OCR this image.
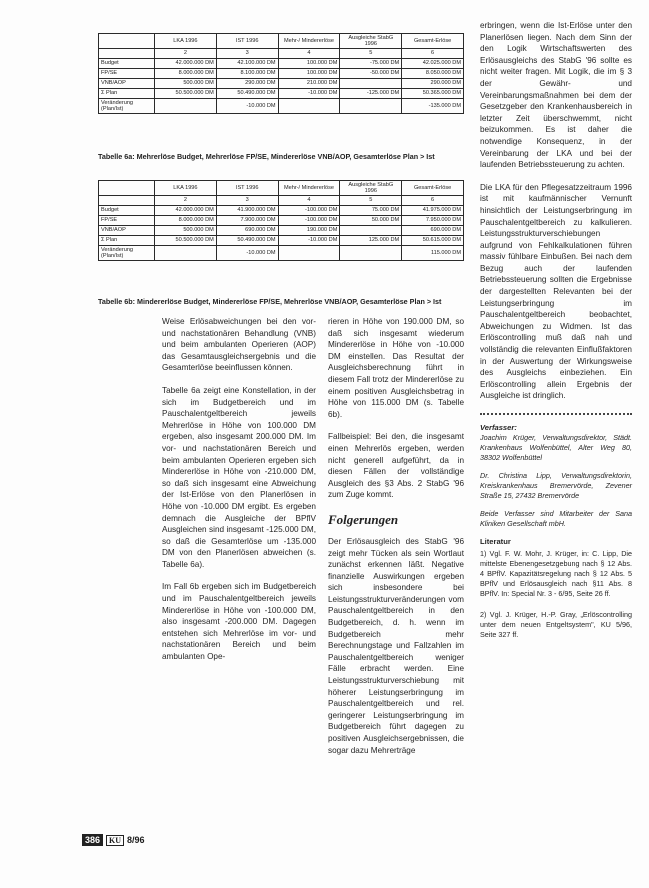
	LKA 1996	IST 1996	Mehr-/ Mindererlöse	Ausgleiche StabG 1996	Gesamt-Erlöse
	2	3	4	5	6
Budget	42.000.000 DM	42.100.000 DM	100.000 DM	-75.000 DM	42.025.000 DM
FP/SE	8.000.000 DM	8.100.000 DM	100.000 DM	-50.000 DM	8.050.000 DM
VNB/AOP	500.000 DM	290.000 DM	210.000 DM		290.000 DM
Σ Plan	50.500.000 DM	50.490.000 DM	-10.000 DM	-125.000 DM	50.365.000 DM
Veränderung (Plan/Ist)		-10.000 DM			-135.000 DM
Tabelle 6a: Mehrerlöse Budget, Mehrerlöse FP/SE, Mindererlöse VNB/AOP, Gesamterlöse Plan > Ist
	LKA 1996	IST 1996	Mehr-/ Mindererlöse	Ausgleiche StabG 1996	Gesamt-Erlöse
	2	3	4	5	6
Budget	42.000.000 DM	41.900.000 DM	-100.000 DM	75.000 DM	41.975.000 DM
FP/SE	8.000.000 DM	7.900.000 DM	-100.000 DM	50.000 DM	7.950.000 DM
VNB/AOP	500.000 DM	690.000 DM	190.000 DM		690.000 DM
Σ Plan	50.500.000 DM	50.490.000 DM	-10.000 DM	125.000 DM	50.615.000 DM
Veränderung (Plan/Ist)		-10.000 DM			115.000 DM
Tabelle 6b: Mindererlöse Budget, Mindererlöse FP/SE, Mehrerlöse VNB/AOP, Gesamterlöse Plan > Ist

Weise Erlösabweichungen bei den vor- und nachstationären Behandlung (VNB) und beim ambulanten Operieren (AOP) das Gesamtausgleichsergebnis und die Gesamterlöse beeinflussen können.

Tabelle 6a zeigt eine Konstellation, in der sich im Budgetbereich und im Pauschalentgeltbereich jeweils Mehrerlöse in Höhe von 100.000 DM ergeben, also insgesamt 200.000 DM. Im vor- und nachstationären Bereich und beim ambulanten Operieren ergeben sich Mindererlöse in Höhe von -210.000 DM, so daß sich insgesamt eine Abweichung der Ist-Erlöse von den Planerlösen in Höhe von -10.000 DM ergibt. Es ergeben demnach die Ausgleiche der BPflV Ausgleichen sind insgesamt -125.000 DM, so daß die Gesamterlöse um -135.000 DM von den Planerlösen abweichen (s. Tabelle 6a).

Im Fall 6b ergeben sich im Budgetbereich und im Pauschalentgeltbereich jeweils Mindererlöse in Höhe von -100.000 DM, also insgesamt -200.000 DM. Dagegen entstehen sich Mehrerlöse im vor- und nachstationären Bereich und beim ambulanten Ope-

rieren in Höhe von 190.000 DM, so daß sich insgesamt wiederum Mindererlöse in Höhe von -10.000 DM einstellen. Das Resultat der Ausgleichsberechnung führt in diesem Fall trotz der Mindererlöse zu einem positiven Ausgleichsbetrag in Höhe von 115.000 DM (s. Tabelle 6b).

Fallbeispiel: Bei den, die insgesamt einen Mehrerlös ergeben, werden nicht generell aufgeführt, da in diesen Fällen der vollständige Ausgleich des §3 Abs. 2 StabG '96 zum Zuge kommt.

Folgerungen

Der Erlösausgleich des StabG '96 zeigt mehr Tücken als sein Wortlaut zunächst erkennen läßt. Negative finanzielle Auswirkungen ergeben sich insbesondere bei Leistungsstrukturveränderungen vom Pauschalentgeltbereich in den Budgetbereich, d. h. wenn im Budgetbereich mehr Berechnungstage und Fallzahlen im Pauschalentgeltbereich weniger Fälle erbracht werden. Eine Leistungsstrukturverschiebung mit höherer Leistungserbringung im Pauschalentgeltbereich und rel. geringerer Leistungserbringung im Budgetbereich führt dagegen zu positiven Ausgleichsergebnissen, die sogar dazu Mehrerträge

erbringen, wenn die Ist-Erlöse unter den Planerlösen liegen. Nach dem Sinn der den Logik Wirtschaftswerten des Erlösausgleichs des StabG '96 sollte es nicht weiter fragen. Mit Logik, die im § 3 der Gewähr- und Vereinbarungsmaßnahmen bei dem der Gesetzgeber den Krankenhausbereich in letzter Zeit überschwemmt, nicht beizukommen. Es ist daher die notwendige Konsequenz, in der Vereinbarung der LKA und bei der laufenden Betriebssteuerung zu achten.

Die LKA für den Pflegesatzzeitraum 1996 ist mit kaufmännischer Vernunft hinsichtlich der Leistungserbringung im Pauschalentgeltbereich zu kalkulieren. Leistungsstrukturverschiebungen aufgrund von Fehlkalkulationen führen massiv fühlbare Einbußen. Bei nach dem Bezug auch der laufenden Betriebssteuerung sollten die Ergebnisse der dargestellten Relevanten bei der Leistungserbringung im Pauschalentgeltbereich beobachtet, Abweichungen zu Widmen. Ist das Erlöscontrolling muß daß nah und vollständig die relevanten Einflußfaktoren in der Auswertung der Wirkungsweise des Ausgleichs einbeziehen. Ein Erlöscontrolling allein Ergebnis der Ausgleiche ist dringlich.

Verfasser:

Joachim Krüger, Verwaltungsdirektor, Städt. Krankenhaus Wolfenbüttel, Alter Weg 80, 38302 Wolfenbüttel

Dr. Christina Lipp, Verwaltungsdirektorin, Kreiskrankenhaus Bremervörde, Zevener Straße 15, 27432 Bremervörde

Beide Verfasser sind Mitarbeiter der Sana Kliniken Gesellschaft mbH.

Literatur

1) Vgl. F. W. Mohr, J. Krüger, in: C. Lipp, Die mittelste Ebenengesetzgebung nach § 12 Abs. 4 BPflV. Kapazitätsregelung nach § 12 Abs. 5 BPflV und Erlösausgleich nach §11 Abs. 8 BPflV. In: Special Nr. 3 - 6/95, Seite 26 ff.

2) Vgl. J. Krüger, H.-P. Gray, „Erlöscontrolling unter dem neuen Entgeltsystem", KU 5/96, Seite 327 ff.

386	KU 8/96
